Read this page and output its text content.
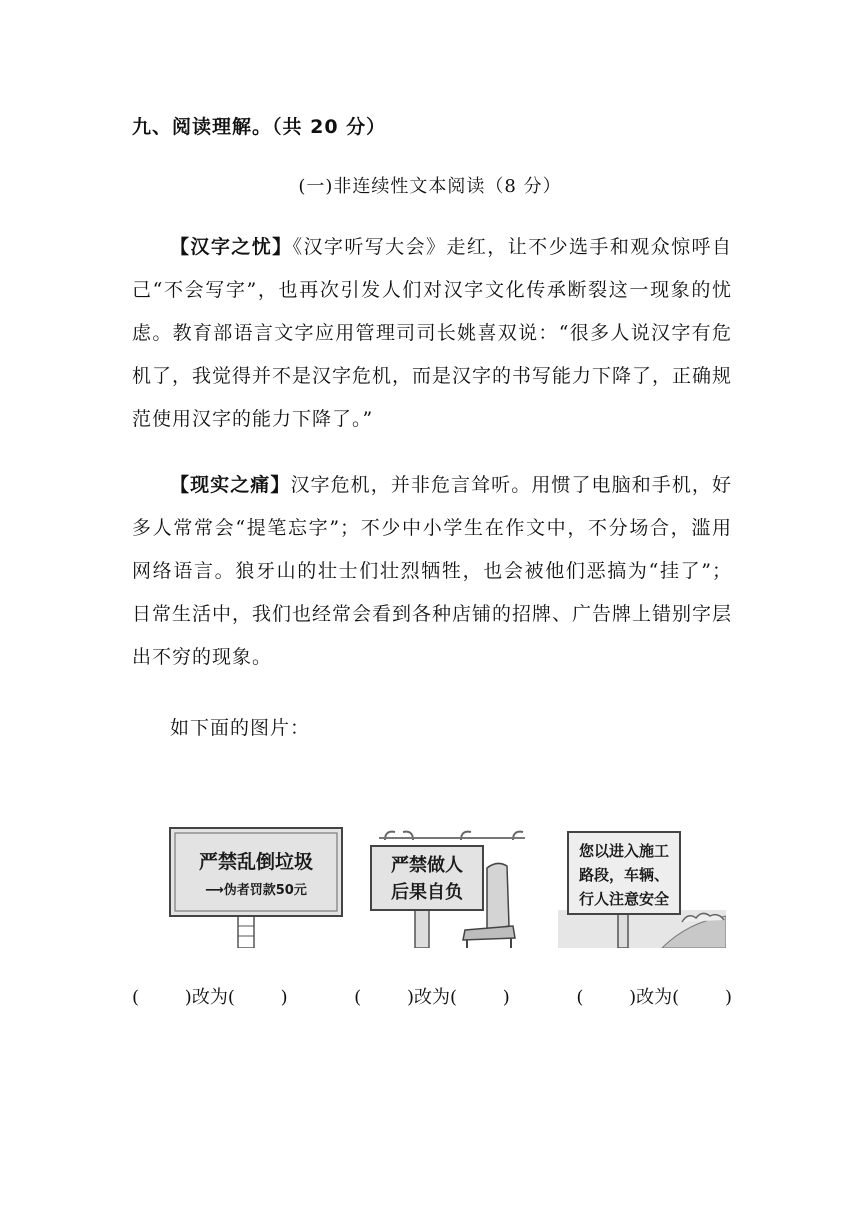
九、阅读理解。（共 20 分）
(一)非连续性文本阅读（8 分）
【汉字之忧】《汉字听写大会》走红，让不少选手和观众惊呼自己“不会写字”，也再次引发人们对汉字文化传承断裂这一现象的忧虑。教育部语言文字应用管理司司长姚喜双说：“很多人说汉字有危机了，我觉得并不是汉字危机，而是汉字的书写能力下降了，正确规范使用汉字的能力下降了。”
【现实之痛】汉字危机，并非危言耸听。用惯了电脑和手机，好多人常常会“提笔忘字”；不少中小学生在作文中，不分场合，滥用网络语言。狼牙山的壮士们壮烈牺牲，也会被他们恶搞为“挂了”；日常生活中，我们也经常会看到各种店铺的招牌、广告牌上错别字层出不穷的现象。
如下面的图片：
严禁乱倒垃圾
⟶伪者罚款50元
严禁做人
后果自负
您以进入施工
路段，车辆、
行人注意安全
(        )改为(        )	(        )改为(        )	(        )改为(        )
